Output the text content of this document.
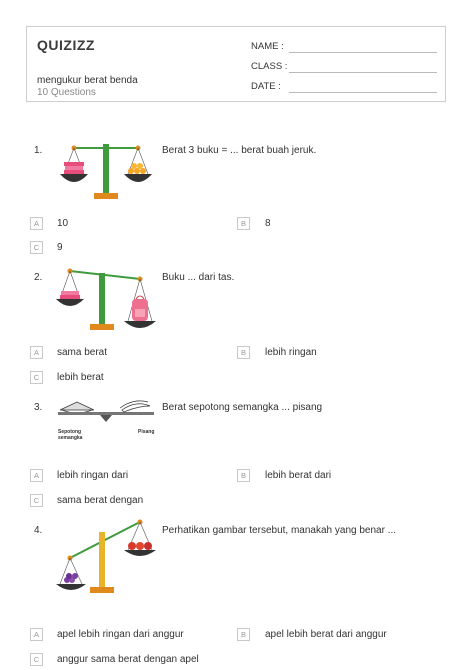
QUIZIZZ
mengukur berat benda
10 Questions
NAME :
CLASS :
DATE :
1.	Berat 3 buku = ... berat buah jeruk.
A	10	B	8
C	9
2.	Buku ... dari tas.
A	sama berat	B	lebih ringan
C	lebih berat
3.
Sepotong
semangka
Pisang
Berat sepotong semangka ... pisang
A	lebih ringan dari	B	lebih berat dari
C	sama berat dengan
4.	Perhatikan gambar tersebut, manakah yang benar ...
A	apel lebih ringan dari anggur	B	apel lebih berat dari anggur
C	anggur sama berat dengan apel
